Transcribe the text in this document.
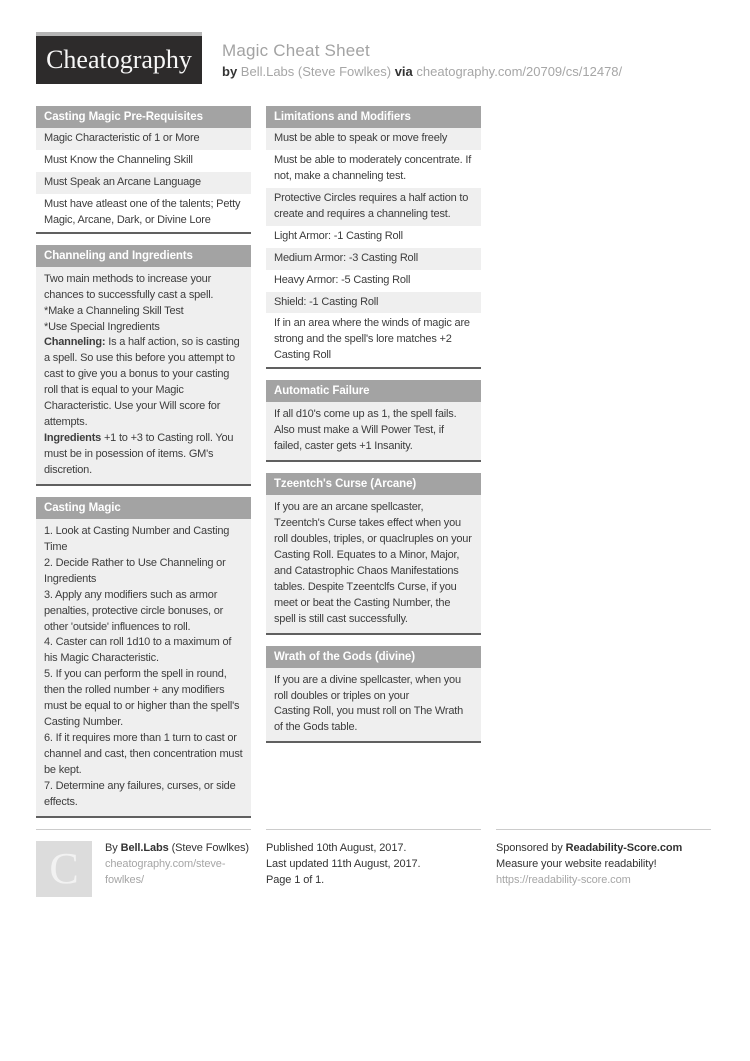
Cheatography Magic Cheat Sheet
by Bell.Labs (Steve Fowlkes) via cheatography.com/20709/cs/12478/
Casting Magic Pre-Requisites
Magic Characteristic of 1 or More
Must Know the Channeling Skill
Must Speak an Arcane Language
Must have atleast one of the talents; Petty Magic, Arcane, Dark, or Divine Lore
Channeling and Ingredients

Two main methods to increase your chances to successfully cast a spell.

*Make a Channeling Skill Test

*Use Special Ingredients

Channeling: Is a half action, so is casting a spell. So use this before you attempt to cast to give you a bonus to your casting roll that is equal to your Magic Characteristic. Use your Will score for attempts.

Ingredients +1 to +3 to Casting roll. You must be in posession of items. GM's discretion.

Casting Magic

1. Look at Casting Number and Casting Time

2. Decide Rather to Use Channeling or Ingredients

3. Apply any modifiers such as armor penalties, protective circle bonuses, or other 'outside' influences to roll.

4. Caster can roll 1d10 to a maximum of his Magic Characteristic.

5. If you can perform the spell in round, then the rolled number + any modifiers must be equal to or higher than the spell's Casting Number.

6. If it requires more than 1 turn to cast or channel and cast, then concentration must be kept.

7. Determine any failures, curses, or side effects.

Limitations and Modifiers
Must be able to speak or move freely
Must be able to moderately concentrate. If not, make a channeling test.
Protective Circles requires a half action to create and requires a channeling test.
Light Armor: -1 Casting Roll
Medium Armor: -3 Casting Roll
Heavy Armor: -5 Casting Roll
Shield: -1 Casting Roll
If in an area where the winds of magic are strong and the spell's lore matches +2 Casting Roll
Automatic Failure

If all d10's come up as 1, the spell fails. Also must make a Will Power Test, if failed, caster gets +1 Insanity.

Tzeentch's Curse (Arcane)

If you are an arcane spellcaster, Tzeentch's Curse takes effect when you

roll doubles, triples, or quaclruples on your Casting Roll. Equates to a Minor, Major, and Catastrophic Chaos Manifestations tables. Despite Tzeentclfs Curse, if you meet or beat the Casting Number, the

spell is still cast successfully.

Wrath of the Gods (divine)

If you are a divine spellcaster, when you roll doubles or triples on your

Casting Roll, you must roll on The Wrath of the Gods table.

C By Bell.Labs (Steve Fowlkes)
cheatography.com/steve-fowlkes/
Published 10th August, 2017.
Last updated 11th August, 2017.
Page 1 of 1.
Sponsored by Readability-Score.com
Measure your website readability!
https://readability-score.com
